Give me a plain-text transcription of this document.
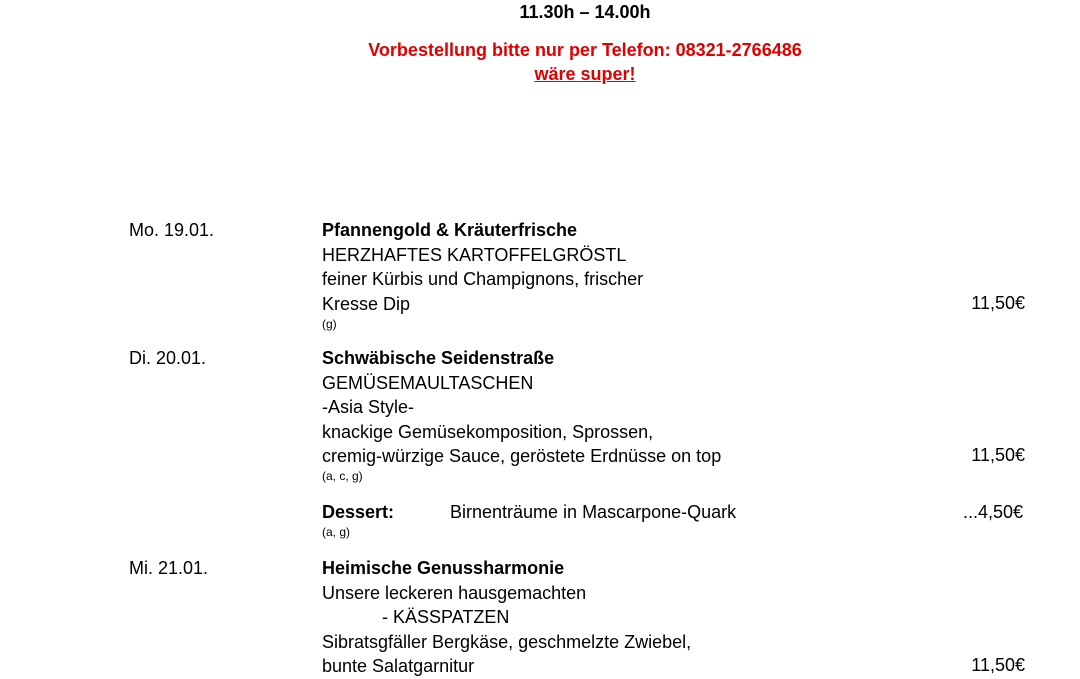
11.30h – 14.00h
Vorbestellung bitte nur per Telefon: 08321-2766486
wäre super!
Mo. 19.01.	Pfannengold & Kräuterfrische
HERZHAFTES KARTOFFELGRÖSTL
feiner Kürbis und Champignons, frischer
Kresse Dip
(g)
11,50€
Di. 20.01.	Schwäbische Seidenstraße
GEMÜSEMAULTASCHEN
-Asia Style-
knackige Gemüsekomposition, Sprossen,
cremig-würzige Sauce, geröstete Erdnüsse on top
(a, c, g)
11,50€
Dessert:	Birnenträume in Mascarpone-Quark	...4,50€
(a, g)
Mi. 21.01.	Heimische Genussharmonie
Unsere leckeren hausgemachten
- KÄSSPATZEN
Sibratsgfäller Bergkäse, geschmelzte Zwiebel,
bunte Salatgarnitur	11,50€
